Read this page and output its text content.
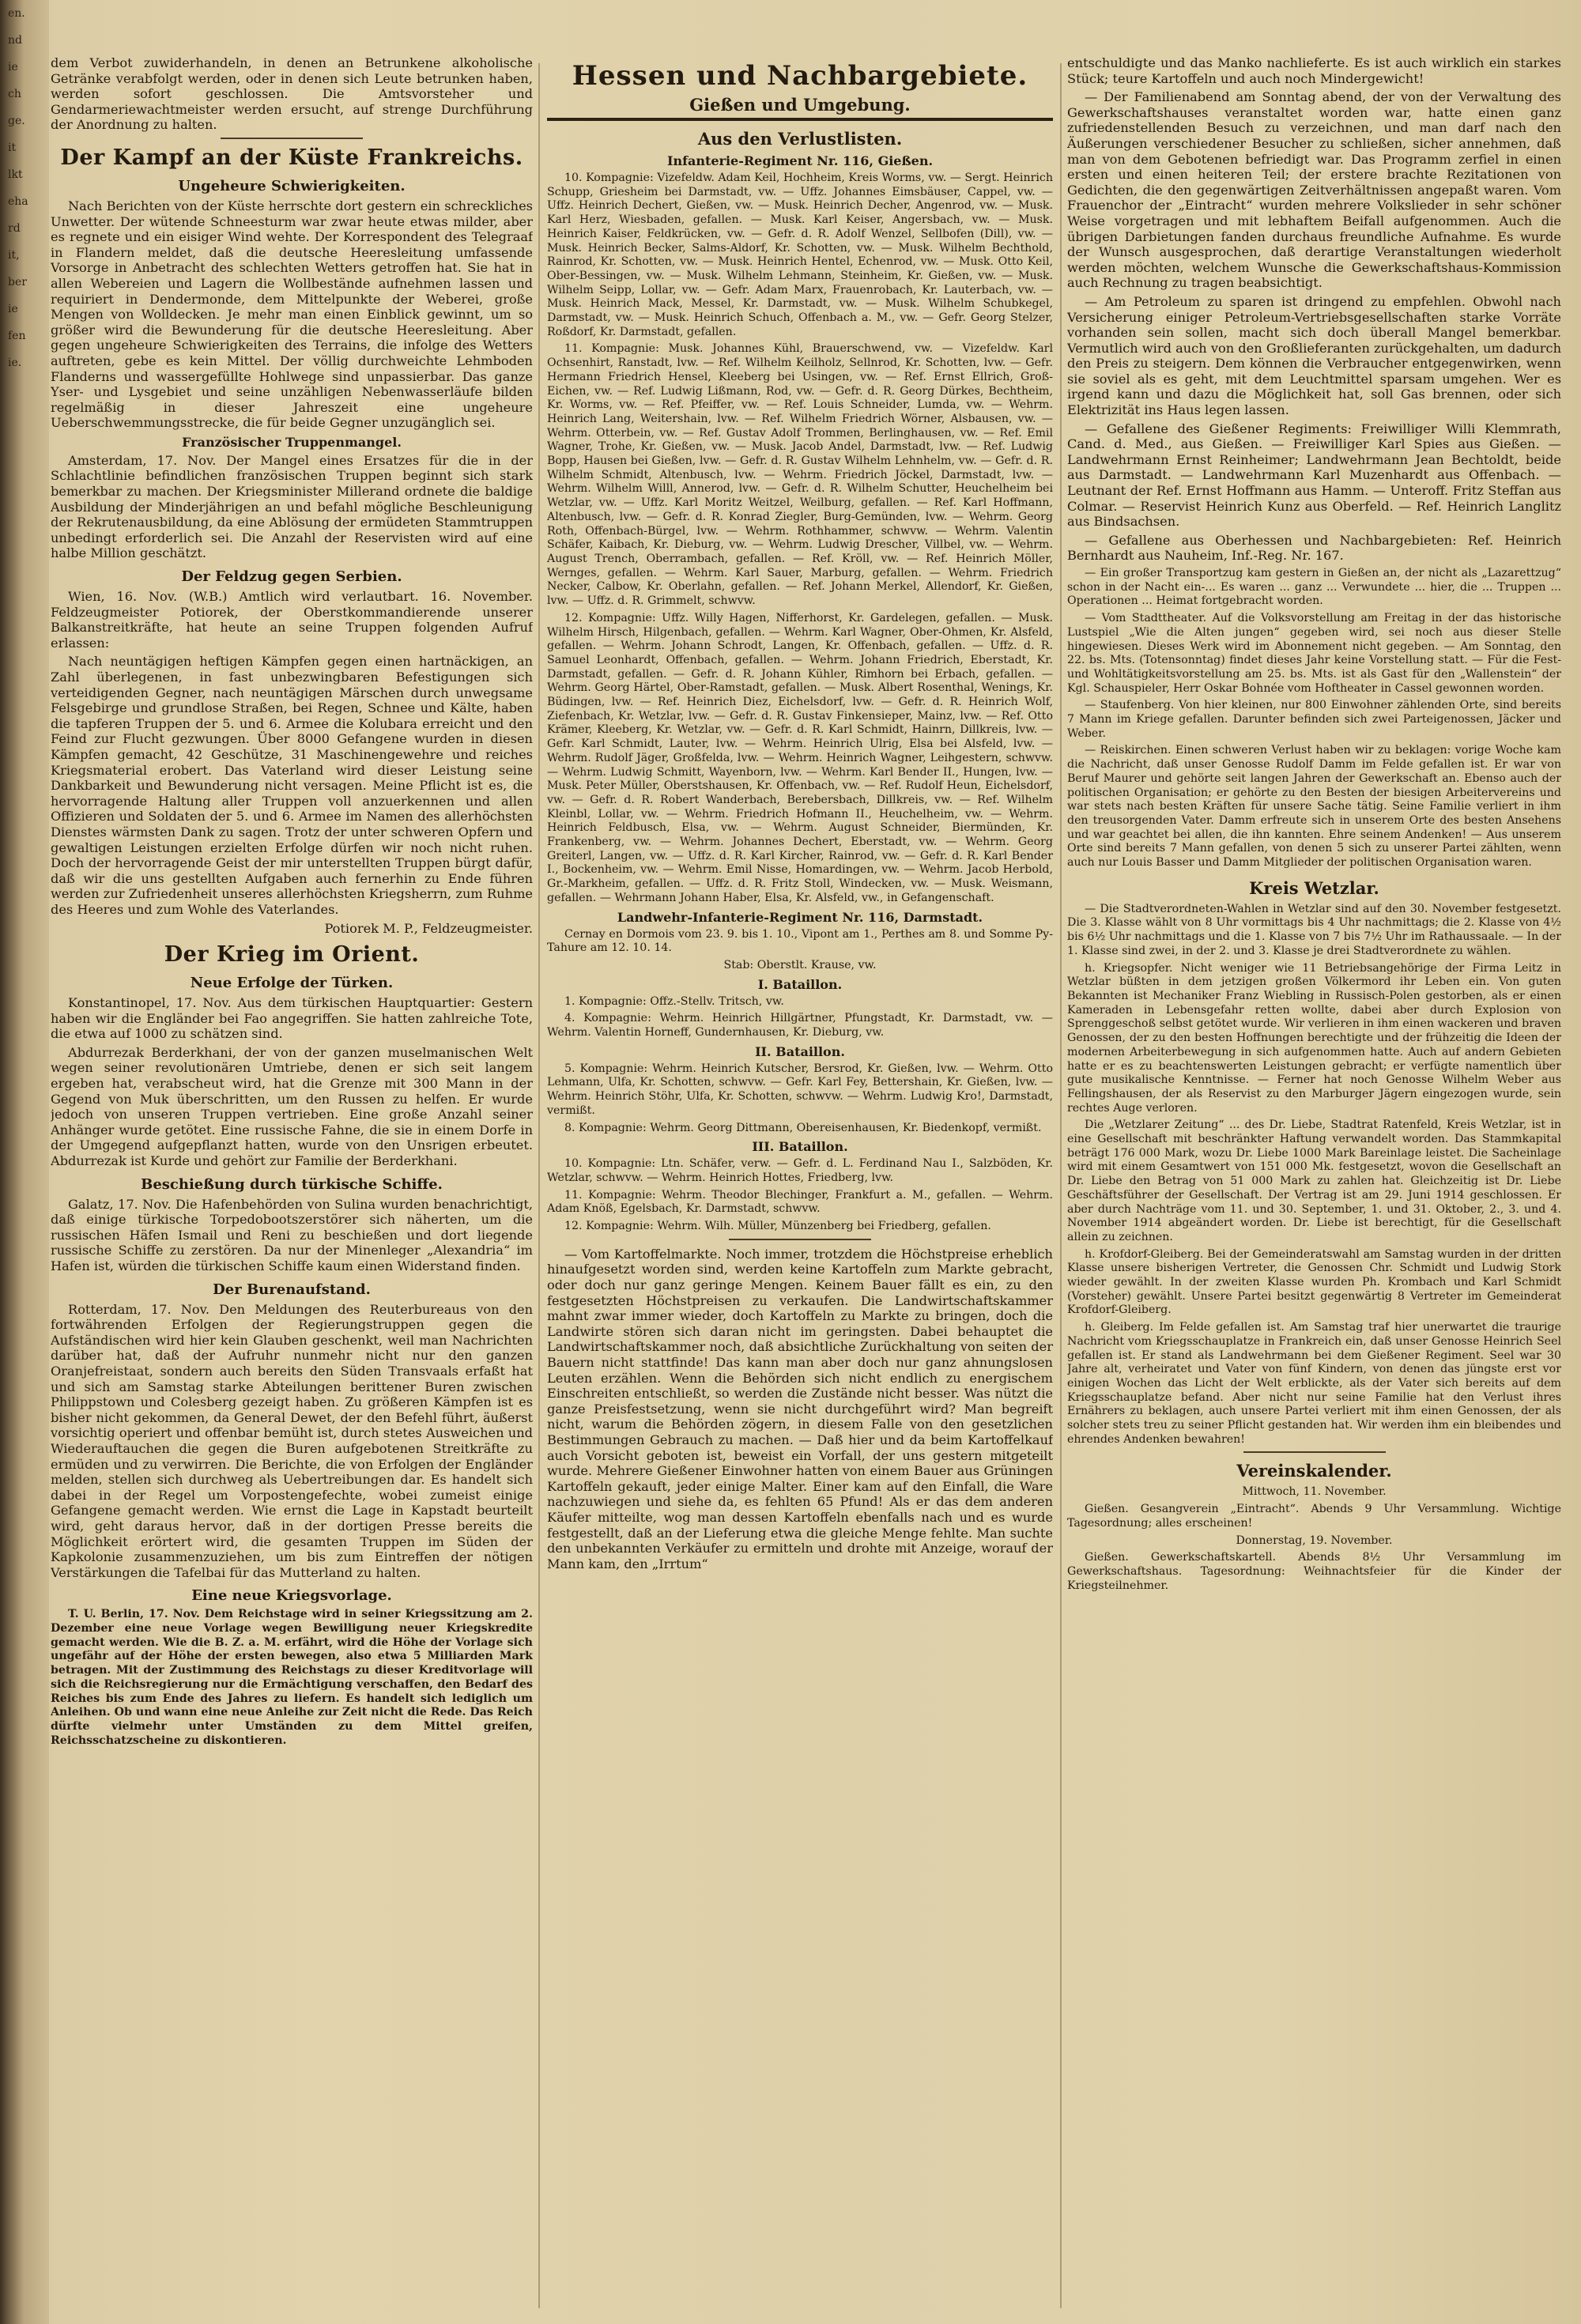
en.
nd
ie
ch
ge.
it
lkt
eha
rd
it,
ber
ie
fen
ie.

dem Verbot zuwiderhandeln, in denen an Betrunkene alkoholische Getränke verabfolgt werden, oder in denen sich Leute betrunken haben, werden sofort geschlossen. Die Amtsvorsteher und Gendarmeriewachtmeister werden ersucht, auf strenge Durchführung der Anordnung zu halten.

Der Kampf an der Küste Frankreichs.
Ungeheure Schwierigkeiten.

Nach Berichten von der Küste herrschte dort gestern ein schreckliches Unwetter. Der wütende Schneesturm war zwar heute etwas milder, aber es regnete und ein eisiger Wind wehte. Der Korrespondent des Telegraaf in Flandern meldet, daß die deutsche Heeresleitung umfassende Vorsorge in Anbetracht des schlechten Wetters getroffen hat. Sie hat in allen Webereien und Lagern die Wollbestände aufnehmen lassen und requiriert in Dendermonde, dem Mittelpunkte der Weberei, große Mengen von Wolldecken. Je mehr man einen Einblick gewinnt, um so größer wird die Bewunderung für die deutsche Heeresleitung. Aber gegen ungeheure Schwierigkeiten des Terrains, die infolge des Wetters auftreten, gebe es kein Mittel. Der völlig durchweichte Lehmboden Flanderns und wassergefüllte Hohlwege sind unpassierbar. Das ganze Yser- und Lysgebiet und seine unzähligen Nebenwasserläufe bilden regelmäßig in dieser Jahreszeit eine ungeheure Ueberschwemmungsstrecke, die für beide Gegner unzugänglich sei.

Französischer Truppenmangel.

Amsterdam, 17. Nov. Der Mangel eines Ersatzes für die in der Schlachtlinie befindlichen französischen Truppen beginnt sich stark bemerkbar zu machen. Der Kriegsminister Millerand ordnete die baldige Ausbildung der Minderjährigen an und befahl mögliche Beschleunigung der Rekrutenausbildung, da eine Ablösung der ermüdeten Stammtruppen unbedingt erforderlich sei. Die Anzahl der Reservisten wird auf eine halbe Million geschätzt.

Der Feldzug gegen Serbien.

Wien, 16. Nov. (W.B.) Amtlich wird verlautbart. 16. November. Feldzeugmeister Potiorek, der Oberstkommandierende unserer Balkanstreitkräfte, hat heute an seine Truppen folgenden Aufruf erlassen:

Nach neuntägigen heftigen Kämpfen gegen einen hartnäckigen, an Zahl überlegenen, in fast unbezwingbaren Befestigungen sich verteidigenden Gegner, nach neuntägigen Märschen durch unwegsame Felsgebirge und grundlose Straßen, bei Regen, Schnee und Kälte, haben die tapferen Truppen der 5. und 6. Armee die Kolubara erreicht und den Feind zur Flucht gezwungen. Über 8000 Gefangene wurden in diesen Kämpfen gemacht, 42 Geschütze, 31 Maschinengewehre und reiches Kriegsmaterial erobert. Das Vaterland wird dieser Leistung seine Dankbarkeit und Bewunderung nicht versagen. Meine Pflicht ist es, die hervorragende Haltung aller Truppen voll anzuerkennen und allen Offizieren und Soldaten der 5. und 6. Armee im Namen des allerhöchsten Dienstes wärmsten Dank zu sagen. Trotz der unter schweren Opfern und gewaltigen Leistungen erzielten Erfolge dürfen wir noch nicht ruhen. Doch der hervorragende Geist der mir unterstellten Truppen bürgt dafür, daß wir die uns gestellten Aufgaben auch fernerhin zu Ende führen werden zur Zufriedenheit unseres allerhöchsten Kriegsherrn, zum Ruhme des Heeres und zum Wohle des Vaterlandes.

Potiorek M. P., Feldzeugmeister.

Der Krieg im Orient.
Neue Erfolge der Türken.

Konstantinopel, 17. Nov. Aus dem türkischen Hauptquartier: Gestern haben wir die Engländer bei Fao angegriffen. Sie hatten zahlreiche Tote, die etwa auf 1000 zu schätzen sind.

Abdurrezak Berderkhani, der von der ganzen muselmanischen Welt wegen seiner revolutionären Umtriebe, denen er sich seit langem ergeben hat, verabscheut wird, hat die Grenze mit 300 Mann in der Gegend von Muk überschritten, um den Russen zu helfen. Er wurde jedoch von unseren Truppen vertrieben. Eine große Anzahl seiner Anhänger wurde getötet. Eine russische Fahne, die sie in einem Dorfe in der Umgegend aufgepflanzt hatten, wurde von den Unsrigen erbeutet. Abdurrezak ist Kurde und gehört zur Familie der Berderkhani.

Beschießung durch türkische Schiffe.

Galatz, 17. Nov. Die Hafenbehörden von Sulina wurden benachrichtigt, daß einige türkische Torpedobootszerstörer sich näherten, um die russischen Häfen Ismail und Reni zu beschießen und dort liegende russische Schiffe zu zerstören. Da nur der Minenleger „Alexandria“ im Hafen ist, würden die türkischen Schiffe kaum einen Widerstand finden.

Der Burenaufstand.

Rotterdam, 17. Nov. Den Meldungen des Reuterbureaus von den fortwährenden Erfolgen der Regierungstruppen gegen die Aufständischen wird hier kein Glauben geschenkt, weil man Nachrichten darüber hat, daß der Aufruhr nunmehr nicht nur den ganzen Oranjefreistaat, sondern auch bereits den Süden Transvaals erfaßt hat und sich am Samstag starke Abteilungen berittener Buren zwischen Philippstown und Colesberg gezeigt haben. Zu größeren Kämpfen ist es bisher nicht gekommen, da General Dewet, der den Befehl führt, äußerst vorsichtig operiert und offenbar bemüht ist, durch stetes Ausweichen und Wiederauftauchen die gegen die Buren aufgebotenen Streitkräfte zu ermüden und zu verwirren. Die Berichte, die von Erfolgen der Engländer melden, stellen sich durchweg als Uebertreibungen dar. Es handelt sich dabei in der Regel um Vorpostengefechte, wobei zumeist einige Gefangene gemacht werden. Wie ernst die Lage in Kapstadt beurteilt wird, geht daraus hervor, daß in der dortigen Presse bereits die Möglichkeit erörtert wird, die gesamten Truppen im Süden der Kapkolonie zusammenzuziehen, um bis zum Eintreffen der nötigen Verstärkungen die Tafelbai für das Mutterland zu halten.

Eine neue Kriegsvorlage.

T. U. Berlin, 17. Nov. Dem Reichstage wird in seiner Kriegssitzung am 2. Dezember eine neue Vorlage wegen Bewilligung neuer Kriegskredite gemacht werden. Wie die B. Z. a. M. erfährt, wird die Höhe der Vorlage sich ungefähr auf der Höhe der ersten bewegen, also etwa 5 Milliarden Mark betragen. Mit der Zustimmung des Reichstags zu dieser Kreditvorlage will sich die Reichsregierung nur die Ermächtigung verschaffen, den Bedarf des Reiches bis zum Ende des Jahres zu liefern. Es handelt sich lediglich um Anleihen. Ob und wann eine neue Anleihe zur Zeit nicht die Rede. Das Reich dürfte vielmehr unter Umständen zu dem Mittel greifen, Reichsschatzscheine zu diskontieren.

Hessen und Nachbargebiete.
Gießen und Umgebung.
Aus den Verlustlisten.
Infanterie-Regiment Nr. 116, Gießen.

10. Kompagnie: Vizefeldw. Adam Keil, Hochheim, Kreis Worms, vw. — Sergt. Heinrich Schupp, Griesheim bei Darmstadt, vw. — Uffz. Johannes Eimsbäuser, Cappel, vw. — Uffz. Heinrich Dechert, Gießen, vw. — Musk. Heinrich Decher, Angenrod, vw. — Musk. Karl Herz, Wiesbaden, gefallen. — Musk. Karl Keiser, Angersbach, vw. — Musk. Heinrich Kaiser, Feldkrücken, vw. — Gefr. d. R. Adolf Wenzel, Sellbofen (Dill), vw. — Musk. Heinrich Becker, Salms-Aldorf, Kr. Schotten, vw. — Musk. Wilhelm Bechthold, Rainrod, Kr. Schotten, vw. — Musk. Heinrich Hentel, Echenrod, vw. — Musk. Otto Keil, Ober-Bessingen, vw. — Musk. Wilhelm Lehmann, Steinheim, Kr. Gießen, vw. — Musk. Wilhelm Seipp, Lollar, vw. — Gefr. Adam Marx, Frauenrobach, Kr. Lauterbach, vw. — Musk. Heinrich Mack, Messel, Kr. Darmstadt, vw. — Musk. Wilhelm Schubkegel, Darmstadt, vw. — Musk. Heinrich Schuch, Offenbach a. M., vw. — Gefr. Georg Stelzer, Roßdorf, Kr. Darmstadt, gefallen.

11. Kompagnie: Musk. Johannes Kühl, Brauerschwend, vw. — Vizefeldw. Karl Ochsenhirt, Ranstadt, lvw. — Ref. Wilhelm Keilholz, Sellnrod, Kr. Schotten, lvw. — Gefr. Hermann Friedrich Hensel, Kleeberg bei Usingen, vw. — Ref. Ernst Ellrich, Groß-Eichen, vw. — Ref. Ludwig Lißmann, Rod, vw. — Gefr. d. R. Georg Dürkes, Bechtheim, Kr. Worms, vw. — Ref. Pfeiffer, vw. — Ref. Louis Schneider, Lumda, vw. — Wehrm. Heinrich Lang, Weitershain, lvw. — Ref. Wilhelm Friedrich Wörner, Alsbausen, vw. — Wehrm. Otterbein, vw. — Ref. Gustav Adolf Trommen, Berlinghausen, vw. — Ref. Emil Wagner, Trohe, Kr. Gießen, vw. — Musk. Jacob Andel, Darmstadt, lvw. — Ref. Ludwig Bopp, Hausen bei Gießen, lvw. — Gefr. d. R. Gustav Wilhelm Lehnhelm, vw. — Gefr. d. R. Wilhelm Schmidt, Altenbusch, lvw. — Wehrm. Friedrich Jöckel, Darmstadt, lvw. — Wehrm. Wilhelm Willl, Annerod, lvw. — Gefr. d. R. Wilhelm Schutter, Heuchelheim bei Wetzlar, vw. — Uffz. Karl Moritz Weitzel, Weilburg, gefallen. — Ref. Karl Hoffmann, Altenbusch, lvw. — Gefr. d. R. Konrad Ziegler, Burg-Gemünden, lvw. — Wehrm. Georg Roth, Offenbach-Bürgel, lvw. — Wehrm. Rothhammer, schwvw. — Wehrm. Valentin Schäfer, Kaibach, Kr. Dieburg, vw. — Wehrm. Ludwig Drescher, Villbel, vw. — Wehrm. August Trench, Oberrambach, gefallen. — Ref. Kröll, vw. — Ref. Heinrich Möller, Wernges, gefallen. — Wehrm. Karl Sauer, Marburg, gefallen. — Wehrm. Friedrich Necker, Calbow, Kr. Oberlahn, gefallen. — Ref. Johann Merkel, Allendorf, Kr. Gießen, lvw. — Uffz. d. R. Grimmelt, schwvw.

12. Kompagnie: Uffz. Willy Hagen, Nifferhorst, Kr. Gardelegen, gefallen. — Musk. Wilhelm Hirsch, Hilgenbach, gefallen. — Wehrm. Karl Wagner, Ober-Ohmen, Kr. Alsfeld, gefallen. — Wehrm. Johann Schrodt, Langen, Kr. Offenbach, gefallen. — Uffz. d. R. Samuel Leonhardt, Offenbach, gefallen. — Wehrm. Johann Friedrich, Eberstadt, Kr. Darmstadt, gefallen. — Gefr. d. R. Johann Kühler, Rimhorn bei Erbach, gefallen. — Wehrm. Georg Härtel, Ober-Ramstadt, gefallen. — Musk. Albert Rosenthal, Wenings, Kr. Büdingen, lvw. — Ref. Heinrich Diez, Eichelsdorf, lvw. — Gefr. d. R. Heinrich Wolf, Ziefenbach, Kr. Wetzlar, lvw. — Gefr. d. R. Gustav Finkensieper, Mainz, lvw. — Ref. Otto Krämer, Kleeberg, Kr. Wetzlar, vw. — Gefr. d. R. Karl Schmidt, Hainrn, Dillkreis, lvw. — Gefr. Karl Schmidt, Lauter, lvw. — Wehrm. Heinrich Ulrig, Elsa bei Alsfeld, lvw. — Wehrm. Rudolf Jäger, Großfelda, lvw. — Wehrm. Heinrich Wagner, Leihgestern, schwvw. — Wehrm. Ludwig Schmitt, Wayenborn, lvw. — Wehrm. Karl Bender II., Hungen, lvw. — Musk. Peter Müller, Oberstshausen, Kr. Offenbach, vw. — Ref. Rudolf Heun, Eichelsdorf, vw. — Gefr. d. R. Robert Wanderbach, Berebersbach, Dillkreis, vw. — Ref. Wilhelm Kleinbl, Lollar, vw. — Wehrm. Friedrich Hofmann II., Heuchelheim, vw. — Wehrm. Heinrich Feldbusch, Elsa, vw. — Wehrm. August Schneider, Biermünden, Kr. Frankenberg, vw. — Wehrm. Johannes Dechert, Eberstadt, vw. — Wehrm. Georg Greiterl, Langen, vw. — Uffz. d. R. Karl Kircher, Rainrod, vw. — Gefr. d. R. Karl Bender I., Bockenheim, vw. — Wehrm. Emil Nisse, Homardingen, vw. — Wehrm. Jacob Herbold, Gr.-Markheim, gefallen. — Uffz. d. R. Fritz Stoll, Windecken, vw. — Musk. Weismann, gefallen. — Wehrmann Johann Haber, Elsa, Kr. Alsfeld, vw., in Gefangenschaft.

Landwehr-Infanterie-Regiment Nr. 116, Darmstadt.

Cernay en Dormois vom 23. 9. bis 1. 10., Vipont am 1., Perthes am 8. und Somme Py-Tahure am 12. 10. 14.

Stab: Oberstlt. Krause, vw.

I. Bataillon.

1. Kompagnie: Offz.-Stellv. Tritsch, vw.

4. Kompagnie: Wehrm. Heinrich Hillgärtner, Pfungstadt, Kr. Darmstadt, vw. — Wehrm. Valentin Horneff, Gundernhausen, Kr. Dieburg, vw.

II. Bataillon.

5. Kompagnie: Wehrm. Heinrich Kutscher, Bersrod, Kr. Gießen, lvw. — Wehrm. Otto Lehmann, Ulfa, Kr. Schotten, schwvw. — Gefr. Karl Fey, Bettershain, Kr. Gießen, lvw. — Wehrm. Heinrich Stöhr, Ulfa, Kr. Schotten, schwvw. — Wehrm. Ludwig Kro!, Darmstadt, vermißt.

8. Kompagnie: Wehrm. Georg Dittmann, Obereisenhausen, Kr. Biedenkopf, vermißt.

III. Bataillon.

10. Kompagnie: Ltn. Schäfer, verw. — Gefr. d. L. Ferdinand Nau I., Salzböden, Kr. Wetzlar, schwvw. — Wehrm. Heinrich Hottes, Friedberg, lvw.

11. Kompagnie: Wehrm. Theodor Blechinger, Frankfurt a. M., gefallen. — Wehrm. Adam Knöß, Egelsbach, Kr. Darmstadt, schwvw.

12. Kompagnie: Wehrm. Wilh. Müller, Münzenberg bei Friedberg, gefallen.

— Vom Kartoffelmarkte. Noch immer, trotzdem die Höchstpreise erheblich hinaufgesetzt worden sind, werden keine Kartoffeln zum Markte gebracht, oder doch nur ganz geringe Mengen. Keinem Bauer fällt es ein, zu den festgesetzten Höchstpreisen zu verkaufen. Die Landwirtschaftskammer mahnt zwar immer wieder, doch Kartoffeln zu Markte zu bringen, doch die Landwirte stören sich daran nicht im geringsten. Dabei behauptet die Landwirtschaftskammer noch, daß absichtliche Zurückhaltung von seiten der Bauern nicht stattfinde! Das kann man aber doch nur ganz ahnungslosen Leuten erzählen. Wenn die Behörden sich nicht endlich zu energischem Einschreiten entschließt, so werden die Zustände nicht besser. Was nützt die ganze Preisfestsetzung, wenn sie nicht durchgeführt wird? Man begreift nicht, warum die Behörden zögern, in diesem Falle von den gesetzlichen Bestimmungen Gebrauch zu machen. — Daß hier und da beim Kartoffelkauf auch Vorsicht geboten ist, beweist ein Vorfall, der uns gestern mitgeteilt wurde. Mehrere Gießener Einwohner hatten von einem Bauer aus Grüningen Kartoffeln gekauft, jeder einige Malter. Einer kam auf den Einfall, die Ware nachzuwiegen und siehe da, es fehlten 65 Pfund! Als er das dem anderen Käufer mitteilte, wog man dessen Kartoffeln ebenfalls nach und es wurde festgestellt, daß an der Lieferung etwa die gleiche Menge fehlte. Man suchte den unbekannten Verkäufer zu ermitteln und drohte mit Anzeige, worauf der Mann kam, den „Irrtum“

entschuldigte und das Manko nachlieferte. Es ist auch wirklich ein starkes Stück; teure Kartoffeln und auch noch Mindergewicht!

— Der Familienabend am Sonntag abend, der von der Verwaltung des Gewerkschaftshauses veranstaltet worden war, hatte einen ganz zufriedenstellenden Besuch zu verzeichnen, und man darf nach den Äußerungen verschiedener Besucher zu schließen, sicher annehmen, daß man von dem Gebotenen befriedigt war. Das Programm zerfiel in einen ersten und einen heiteren Teil; der erstere brachte Rezitationen von Gedichten, die den gegenwärtigen Zeitverhältnissen angepaßt waren. Vom Frauenchor der „Eintracht“ wurden mehrere Volkslieder in sehr schöner Weise vorgetragen und mit lebhaftem Beifall aufgenommen. Auch die übrigen Darbietungen fanden durchaus freundliche Aufnahme. Es wurde der Wunsch ausgesprochen, daß derartige Veranstaltungen wiederholt werden möchten, welchem Wunsche die Gewerkschaftshaus-Kommission auch Rechnung zu tragen beabsichtigt.

— Am Petroleum zu sparen ist dringend zu empfehlen. Obwohl nach Versicherung einiger Petroleum-Vertriebsgesellschaften starke Vorräte vorhanden sein sollen, macht sich doch überall Mangel bemerkbar. Vermutlich wird auch von den Großlieferanten zurückgehalten, um dadurch den Preis zu steigern. Dem können die Verbraucher entgegenwirken, wenn sie soviel als es geht, mit dem Leuchtmittel sparsam umgehen. Wer es irgend kann und dazu die Möglichkeit hat, soll Gas brennen, oder sich Elektrizität ins Haus legen lassen.

— Gefallene des Gießener Regiments: Freiwilliger Willi Klemmrath, Cand. d. Med., aus Gießen. — Freiwilliger Karl Spies aus Gießen. — Landwehrmann Ernst Reinheimer; Landwehrmann Jean Bechtoldt, beide aus Darmstadt. — Landwehrmann Karl Muzenhardt aus Offenbach. — Leutnant der Ref. Ernst Hoffmann aus Hamm. — Unteroff. Fritz Steffan aus Colmar. — Reservist Heinrich Kunz aus Oberfeld. — Ref. Heinrich Langlitz aus Bindsachsen.

— Gefallene aus Oberhessen und Nachbargebieten: Ref. Heinrich Bernhardt aus Nauheim, Inf.-Reg. Nr. 167.

— Ein großer Transportzug kam gestern in Gießen an, der nicht als „Lazarettzug“ schon in der Nacht ein-... Es waren ... ganz ... Verwundete ... hier, die ... Truppen ... Operationen ... Heimat fortgebracht worden.

— Vom Stadttheater. Auf die Volksvorstellung am Freitag in der das historische Lustspiel „Wie die Alten jungen“ gegeben wird, sei noch aus dieser Stelle hingewiesen. Dieses Werk wird im Abonnement nicht gegeben. — Am Sonntag, den 22. bs. Mts. (Totensonntag) findet dieses Jahr keine Vorstellung statt. — Für die Fest- und Wohltätigkeitsvorstellung am 25. bs. Mts. ist als Gast für den „Wallenstein“ der Kgl. Schauspieler, Herr Oskar Bohnée vom Hoftheater in Cassel gewonnen worden.

— Staufenberg. Von hier kleinen, nur 800 Einwohner zählenden Orte, sind bereits 7 Mann im Kriege gefallen. Darunter befinden sich zwei Parteigenossen, Jäcker und Weber.

— Reiskirchen. Einen schweren Verlust haben wir zu beklagen: vorige Woche kam die Nachricht, daß unser Genosse Rudolf Damm im Felde gefallen ist. Er war von Beruf Maurer und gehörte seit langen Jahren der Gewerkschaft an. Ebenso auch der politischen Organisation; er gehörte zu den Besten der biesigen Arbeitervereins und war stets nach besten Kräften für unsere Sache tätig. Seine Familie verliert in ihm den treusorgenden Vater. Damm erfreute sich in unserem Orte des besten Ansehens und war geachtet bei allen, die ihn kannten. Ehre seinem Andenken! — Aus unserem Orte sind bereits 7 Mann gefallen, von denen 5 sich zu unserer Partei zählten, wenn auch nur Louis Basser und Damm Mitglieder der politischen Organisation waren.

Kreis Wetzlar.

— Die Stadtverordneten-Wahlen in Wetzlar sind auf den 30. November festgesetzt. Die 3. Klasse wählt von 8 Uhr vormittags bis 4 Uhr nachmittags; die 2. Klasse von 4½ bis 6½ Uhr nachmittags und die 1. Klasse von 7 bis 7½ Uhr im Rathaussaale. — In der 1. Klasse sind zwei, in der 2. und 3. Klasse je drei Stadtverordnete zu wählen.

h. Kriegsopfer. Nicht weniger wie 11 Betriebsangehörige der Firma Leitz in Wetzlar büßten in dem jetzigen großen Völkermord ihr Leben ein. Von guten Bekannten ist Mechaniker Franz Wiebling in Russisch-Polen gestorben, als er einen Kameraden in Lebensgefahr retten wollte, dabei aber durch Explosion von Sprenggeschoß selbst getötet wurde. Wir verlieren in ihm einen wackeren und braven Genossen, der zu den besten Hoffnungen berechtigte und der frühzeitig die Ideen der modernen Arbeiterbewegung in sich aufgenommen hatte. Auch auf andern Gebieten hatte er es zu beachtenswerten Leistungen gebracht; er verfügte namentlich über gute musikalische Kenntnisse. — Ferner hat noch Genosse Wilhelm Weber aus Fellingshausen, der als Reservist zu den Marburger Jägern eingezogen wurde, sein rechtes Auge verloren.

Die „Wetzlarer Zeitung“ ... des Dr. Liebe, Stadtrat Ratenfeld, Kreis Wetzlar, ist in eine Gesellschaft mit beschränkter Haftung verwandelt worden. Das Stammkapital beträgt 176 000 Mark, wozu Dr. Liebe 1000 Mark Bareinlage leistet. Die Sacheinlage wird mit einem Gesamtwert von 151 000 Mk. festgesetzt, wovon die Gesellschaft an Dr. Liebe den Betrag von 51 000 Mark zu zahlen hat. Gleichzeitig ist Dr. Liebe Geschäftsführer der Gesellschaft. Der Vertrag ist am 29. Juni 1914 geschlossen. Er aber durch Nachträge vom 11. und 30. September, 1. und 31. Oktober, 2., 3. und 4. November 1914 abgeändert worden. Dr. Liebe ist berechtigt, für die Gesellschaft allein zu zeichnen.

h. Krofdorf-Gleiberg. Bei der Gemeinderatswahl am Samstag wurden in der dritten Klasse unsere bisherigen Vertreter, die Genossen Chr. Schmidt und Ludwig Stork wieder gewählt. In der zweiten Klasse wurden Ph. Krombach und Karl Schmidt (Vorsteher) gewählt. Unsere Partei besitzt gegenwärtig 8 Vertreter im Gemeinderat Krofdorf-Gleiberg.

h. Gleiberg. Im Felde gefallen ist. Am Samstag traf hier unerwartet die traurige Nachricht vom Kriegsschauplatze in Frankreich ein, daß unser Genosse Heinrich Seel gefallen ist. Er stand als Landwehrmann bei dem Gießener Regiment. Seel war 30 Jahre alt, verheiratet und Vater von fünf Kindern, von denen das jüngste erst vor einigen Wochen das Licht der Welt erblickte, als der Vater sich bereits auf dem Kriegsschauplatze befand. Aber nicht nur seine Familie hat den Verlust ihres Ernährers zu beklagen, auch unsere Partei verliert mit ihm einen Genossen, der als solcher stets treu zu seiner Pflicht gestanden hat. Wir werden ihm ein bleibendes und ehrendes Andenken bewahren!

Vereinskalender.

Mittwoch, 11. November.

Gießen. Gesangverein „Eintracht“. Abends 9 Uhr Versammlung. Wichtige Tagesordnung; alles erscheinen!

Donnerstag, 19. November.

Gießen. Gewerkschaftskartell. Abends 8½ Uhr Versammlung im Gewerkschaftshaus. Tagesordnung: Weihnachtsfeier für die Kinder der Kriegsteilnehmer.
